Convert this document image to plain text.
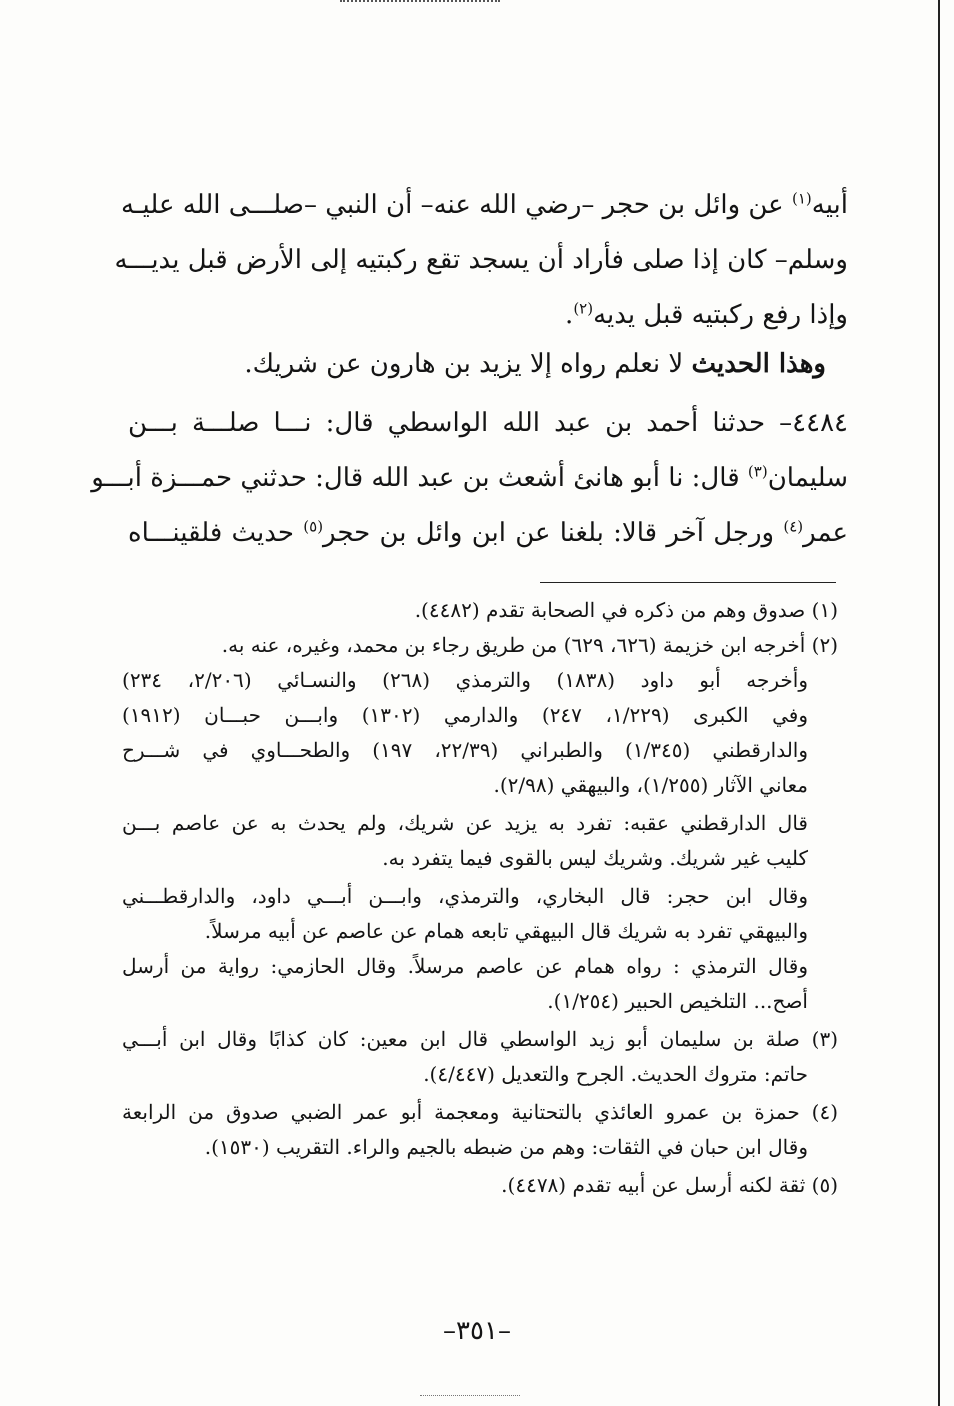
أبيه$^{(١)}$ عن وائل بن حجر –رضي الله عنه– أن النبي –صلـــى الله عليـه
وسلم– كان إذا صلى فأراد أن يسجد تقع ركبتيه إلى الأرض قبل يديـــه
وإذا رفع ركبتيه قبل يديه$^{(٢)}$.
وهذا الحديث لا نعلم رواه إلا يزيد بن هارون عن شريك.
٤٤٨٤– حدثنا أحمد بن عبد الله الواسطي قال: نـــا صلـــة بـــن
سليمان$^{(٣)}$ قال: نا أبو هانئ أشعث بن عبد الله قال: حدثني حمـــزة أبـــو
عمر$^{(٤)}$ ورجل آخر قالا: بلغنا عن ابن وائل بن حجر$^{(٥)}$ حديث فلقينـــاه
(١) صدوق وهم من ذكره في الصحابة تقدم (٤٤٨٢).
(٢) أخرجه ابن خزيمة (٦٢٦، ٦٢٩) من طريق رجاء بن محمد، وغيره، عنه به.
وأخرجه أبو داود (١٨٣٨) والترمذي (٢٦٨) والنسـائي (٢/٢٠٦، ٢٣٤)
وفي الكبرى (١/٢٢٩، ٢٤٧) والدارمي (١٣٠٢) وابـــن حبـــان (١٩١٢)
والدارقطني (١/٣٤٥) والطبراني (٢٢/٣٩، ١٩٧) والطحـــاوي في شـــرح
معاني الآثار (١/٢٥٥)، والبيهقي (٢/٩٨).
قال الدارقطني عقبه: تفرد به يزيد عن شريك، ولم يحدث به عن عاصم بـــن
كليب غير شريك. وشريك ليس بالقوى فيما يتفرد به.
وقال ابن حجر: قال البخاري، والترمذي، وابـــن أبـــي داود، والدارقطـــني
والبيهقي تفرد به شريك قال البيهقي تابعه همام عن عاصم عن أبيه مرسلاً.
وقال الترمذي : رواه همام عن عاصم مرسلاً. وقال الحازمي: رواية من أرسل
أصح... التلخيص الحبير (١/٢٥٤).
(٣) صلة بن سليمان أبو زيد الواسطي قال ابن معين: كان كذابًا وقال ابن أبـــي
حاتم: متروك الحديث. الجرح والتعديل (٤/٤٤٧).
(٤) حمزة بن عمرو العائذي بالتحتانية ومعجمة أبو عمر الضبي صدوق من الرابعة
وقال ابن حبان في الثقات: وهم من ضبطه بالجيم والراء. التقريب (١٥٣٠).
(٥) ثقة لكنه أرسل عن أبيه تقدم (٤٤٧٨).
–٣٥١–
